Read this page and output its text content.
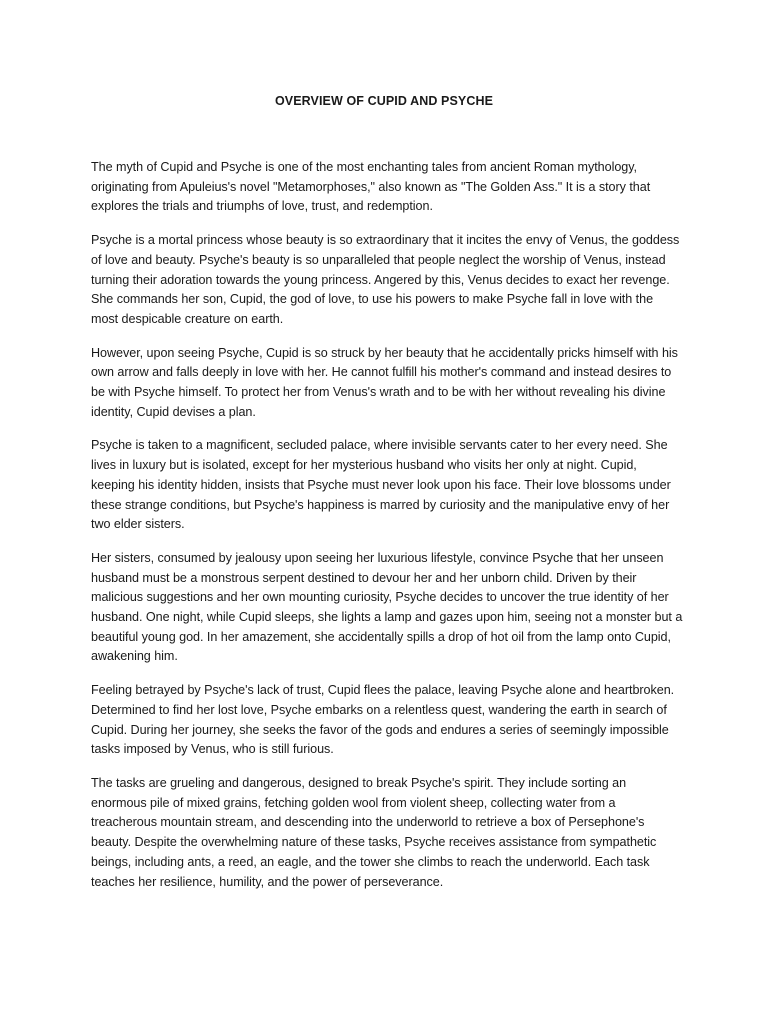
OVERVIEW OF CUPID AND PSYCHE

The myth of Cupid and Psyche is one of the most enchanting tales from ancient Roman mythology, originating from Apuleius's novel "Metamorphoses," also known as "The Golden Ass." It is a story that explores the trials and triumphs of love, trust, and redemption.

Psyche is a mortal princess whose beauty is so extraordinary that it incites the envy of Venus, the goddess of love and beauty. Psyche's beauty is so unparalleled that people neglect the worship of Venus, instead turning their adoration towards the young princess. Angered by this, Venus decides to exact her revenge. She commands her son, Cupid, the god of love, to use his powers to make Psyche fall in love with the most despicable creature on earth.

However, upon seeing Psyche, Cupid is so struck by her beauty that he accidentally pricks himself with his own arrow and falls deeply in love with her. He cannot fulfill his mother's command and instead desires to be with Psyche himself. To protect her from Venus's wrath and to be with her without revealing his divine identity, Cupid devises a plan.

Psyche is taken to a magnificent, secluded palace, where invisible servants cater to her every need. She lives in luxury but is isolated, except for her mysterious husband who visits her only at night. Cupid, keeping his identity hidden, insists that Psyche must never look upon his face. Their love blossoms under these strange conditions, but Psyche's happiness is marred by curiosity and the manipulative envy of her two elder sisters.

Her sisters, consumed by jealousy upon seeing her luxurious lifestyle, convince Psyche that her unseen husband must be a monstrous serpent destined to devour her and her unborn child. Driven by their malicious suggestions and her own mounting curiosity, Psyche decides to uncover the true identity of her husband. One night, while Cupid sleeps, she lights a lamp and gazes upon him, seeing not a monster but a beautiful young god. In her amazement, she accidentally spills a drop of hot oil from the lamp onto Cupid, awakening him.

Feeling betrayed by Psyche's lack of trust, Cupid flees the palace, leaving Psyche alone and heartbroken. Determined to find her lost love, Psyche embarks on a relentless quest, wandering the earth in search of Cupid. During her journey, she seeks the favor of the gods and endures a series of seemingly impossible tasks imposed by Venus, who is still furious.

The tasks are grueling and dangerous, designed to break Psyche's spirit. They include sorting an enormous pile of mixed grains, fetching golden wool from violent sheep, collecting water from a treacherous mountain stream, and descending into the underworld to retrieve a box of Persephone's beauty. Despite the overwhelming nature of these tasks, Psyche receives assistance from sympathetic beings, including ants, a reed, an eagle, and the tower she climbs to reach the underworld. Each task teaches her resilience, humility, and the power of perseverance.
